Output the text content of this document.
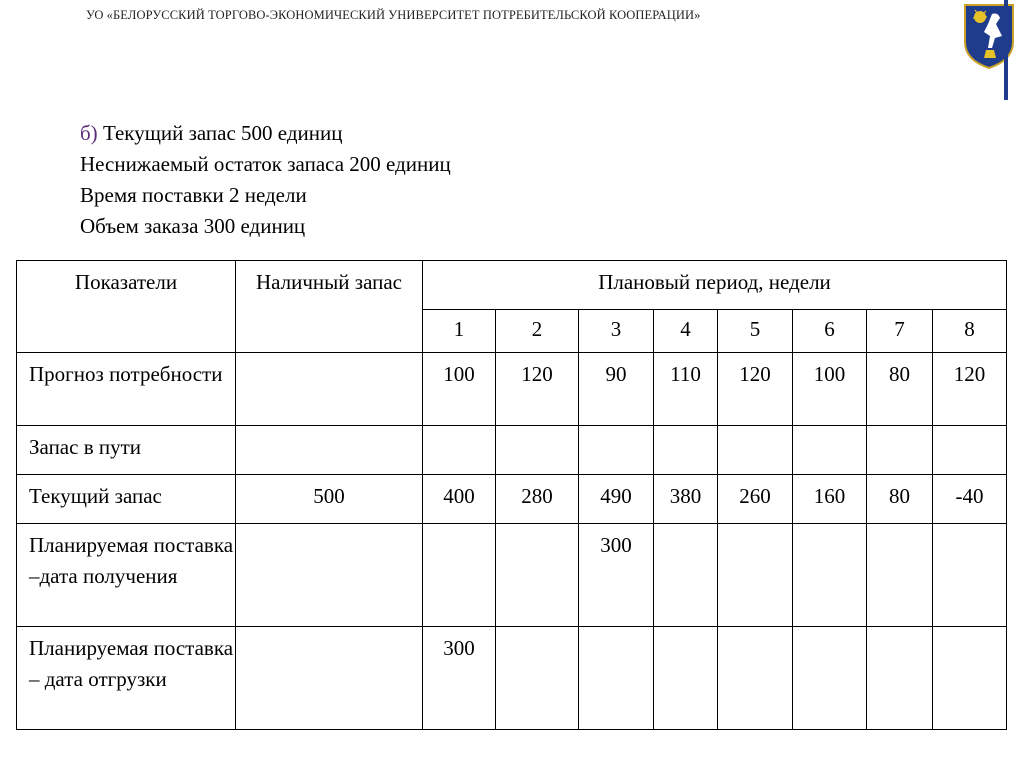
УО «БЕЛОРУССКИЙ ТОРГОВО-ЭКОНОМИЧЕСКИЙ УНИВЕРСИТЕТ ПОТРЕБИТЕЛЬСКОЙ КООПЕРАЦИИ»
б) Текущий запас 500 единиц
Неснижаемый остаток запаса 200 единиц
Время поставки 2 недели
Объем заказа 300 единиц
Показатели	Наличный запас	Плановый период, недели							
		1	2	3	4	5	6	7	8
Прогноз потребности		100	120	90	110	120	100	80	120
Запас в пути									
Текущий запас	500	400	280	490	380	260	160	80	-40
Планируемая поставка –дата получения				300					
Планируемая поставка – дата отгрузки		300							
